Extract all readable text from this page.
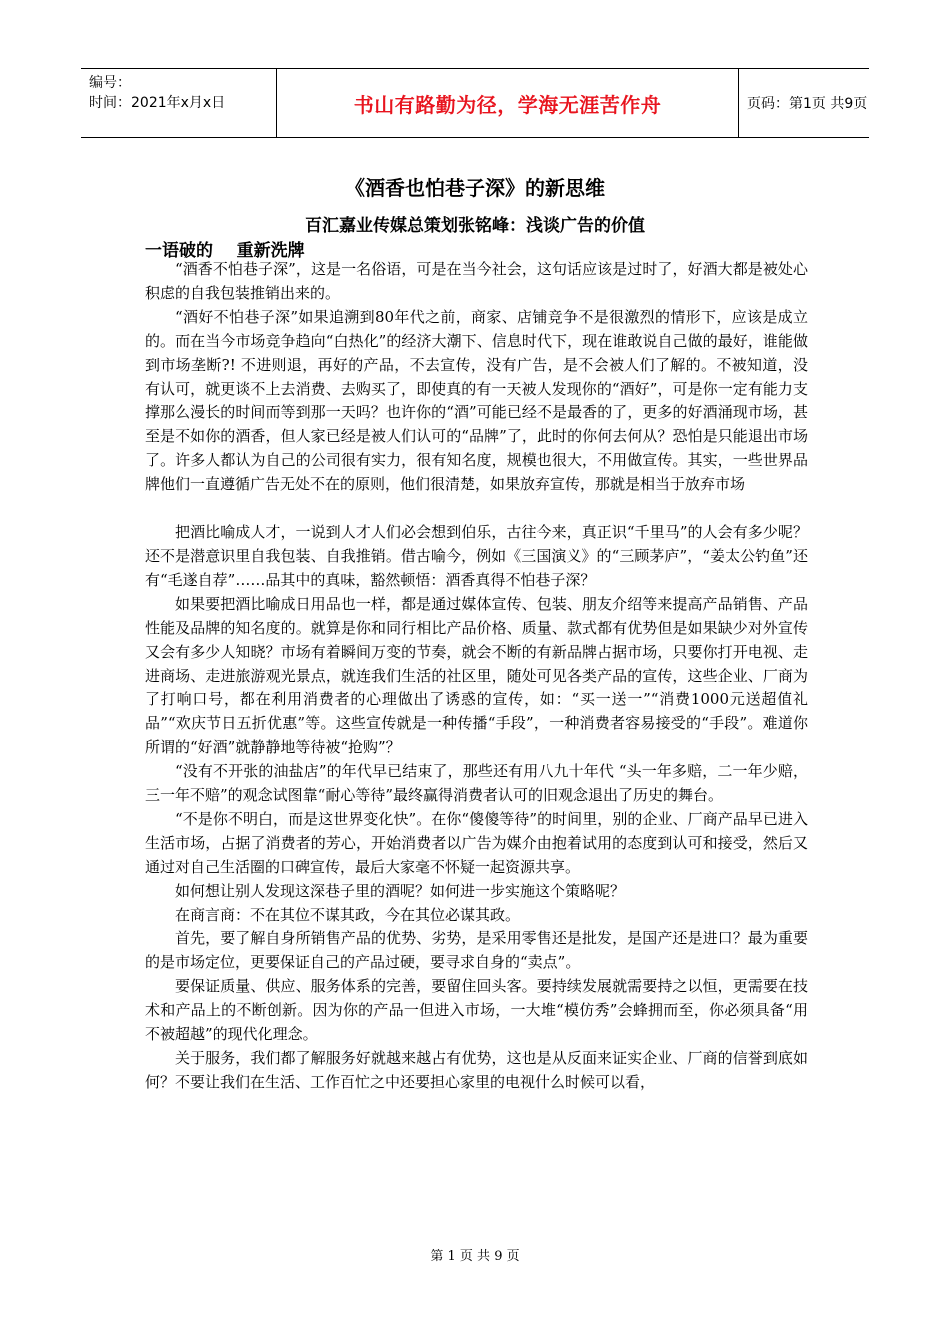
编号：
时间：2021年x月x日	书山有路勤为径，学海无涯苦作舟	页码：第1页 共9页
《酒香也怕巷子深》的新思维
百汇嘉业传媒总策划张铭峰：浅谈广告的价值
一语破的    重新洗牌

“酒香不怕巷子深”，这是一名俗语，可是在当今社会，这句话应该是过时了，好酒大都是被处心积虑的自我包装推销出来的。

“酒好不怕巷子深”如果追溯到80年代之前，商家、店铺竞争不是很激烈的情形下，应该是成立的。而在当今市场竞争趋向“白热化”的经济大潮下、信息时代下，现在谁敢说自己做的最好，谁能做到市场垄断?! 不进则退，再好的产品，不去宣传，没有广告，是不会被人们了解的。不被知道，没有认可，就更谈不上去消费、去购买了，即使真的有一天被人发现你的“酒好”，可是你一定有能力支撑那么漫长的时间而等到那一天吗？也许你的“酒”可能已经不是最香的了，更多的好酒涌现市场，甚至是不如你的酒香，但人家已经是被人们认可的“品牌”了，此时的你何去何从？恐怕是只能退出市场了。许多人都认为自己的公司很有实力，很有知名度，规模也很大，不用做宣传。其实，一些世界品牌他们一直遵循广告无处不在的原则，他们很清楚，如果放弃宣传，那就是相当于放弃市场

把酒比喻成人才，一说到人才人们必会想到伯乐，古往今来，真正识“千里马”的人会有多少呢？还不是潜意识里自我包装、自我推销。借古喻今，例如《三国演义》的“三顾茅庐”，“姜太公钓鱼”还有“毛遂自荐”……品其中的真味，豁然顿悟：酒香真得不怕巷子深？

如果要把酒比喻成日用品也一样，都是通过媒体宣传、包装、朋友介绍等来提高产品销售、产品性能及品牌的知名度的。就算是你和同行相比产品价格、质量、款式都有优势但是如果缺少对外宣传又会有多少人知晓？市场有着瞬间万变的节奏，就会不断的有新品牌占据市场，只要你打开电视、走进商场、走进旅游观光景点，就连我们生活的社区里，随处可见各类产品的宣传，这些企业、厂商为了打响口号，都在利用消费者的心理做出了诱惑的宣传，如：“买一送一”“消费1000元送超值礼品”“欢庆节日五折优惠”等。这些宣传就是一种传播“手段”，一种消费者容易接受的“手段”。难道你所谓的“好酒”就静静地等待被“抢购”？

“没有不开张的油盐店”的年代早已结束了，那些还有用八九十年代 “头一年多赔，二一年少赔，三一年不赔”的观念试图靠“耐心等待”最终赢得消费者认可的旧观念退出了历史的舞台。

“不是你不明白，而是这世界变化快”。在你“傻傻等待”的时间里，别的企业、厂商产品早已进入生活市场，占据了消费者的芳心，开始消费者以广告为媒介由抱着试用的态度到认可和接受，然后又通过对自己生活圈的口碑宣传，最后大家毫不怀疑一起资源共享。

如何想让别人发现这深巷子里的酒呢？如何进一步实施这个策略呢？

在商言商：不在其位不谋其政，今在其位必谋其政。

首先，要了解自身所销售产品的优势、劣势，是采用零售还是批发，是国产还是进口？最为重要的是市场定位，更要保证自己的产品过硬，要寻求自身的“卖点”。

要保证质量、供应、服务体系的完善，要留住回头客。要持续发展就需要持之以恒，更需要在技术和产品上的不断创新。因为你的产品一但进入市场，一大堆“模仿秀”会蜂拥而至，你必须具备“用不被超越”的现代化理念。

关于服务，我们都了解服务好就越来越占有优势，这也是从反面来证实企业、厂商的信誉到底如何？不要让我们在生活、工作百忙之中还要担心家里的电视什么时候可以看，

第 1 页 共 9 页
